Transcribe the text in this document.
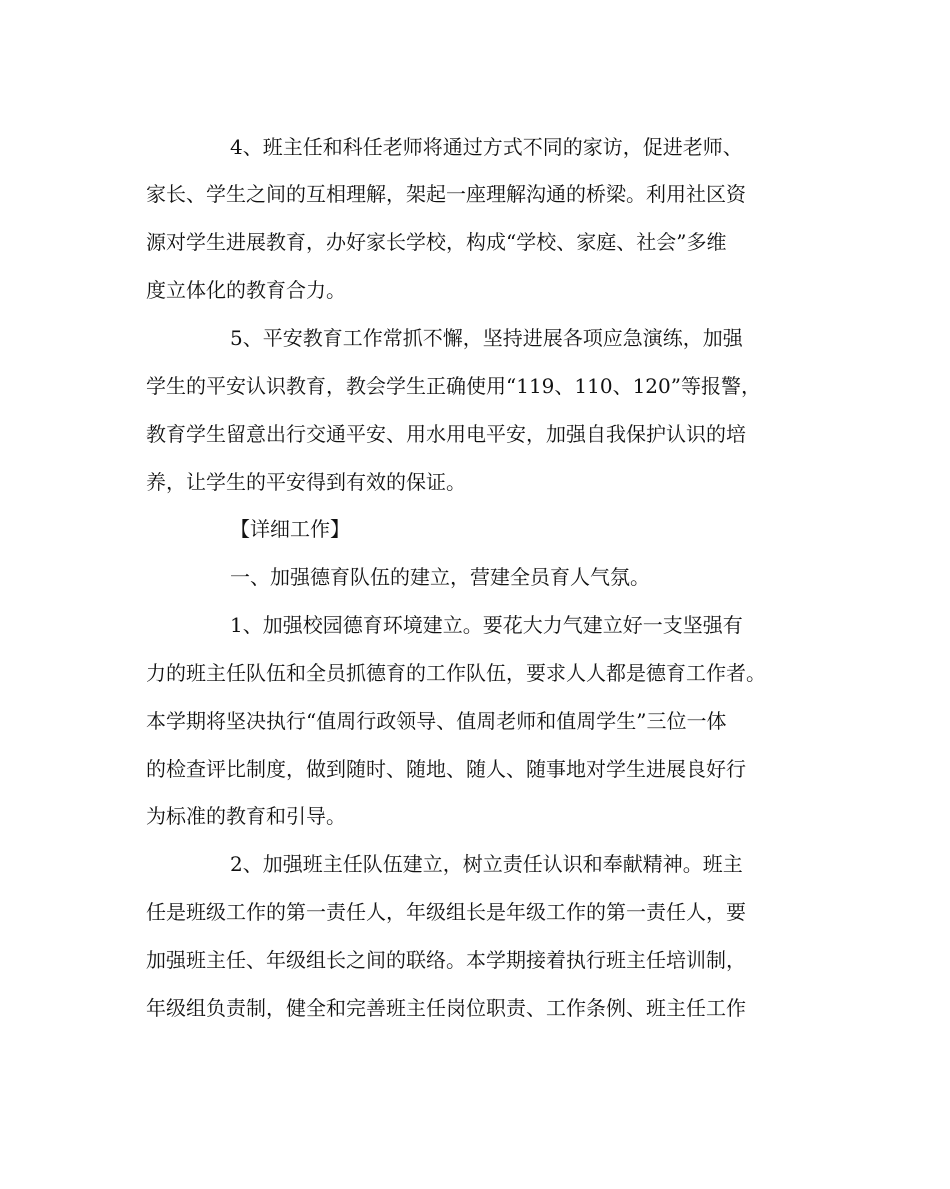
4、班主任和科任老师将通过方式不同的家访，促进老师、
家长、学生之间的互相理解，架起一座理解沟通的桥梁。利用社区资
源对学生进展教育，办好家长学校，构成“学校、家庭、社会”多维
度立体化的教育合力。
5、平安教育工作常抓不懈，坚持进展各项应急演练，加强
学生的平安认识教育，教会学生正确使用“119、110、120”等报警，
教育学生留意出行交通平安、用水用电平安，加强自我保护认识的培
养，让学生的平安得到有效的保证。
【详细工作】
一、加强德育队伍的建立，营建全员育人气氛。
1、加强校园德育环境建立。要花大力气建立好一支坚强有
力的班主任队伍和全员抓德育的工作队伍，要求人人都是德育工作者。
本学期将坚决执行“值周行政领导、值周老师和值周学生”三位一体
的检查评比制度，做到随时、随地、随人、随事地对学生进展良好行
为标准的教育和引导。
2、加强班主任队伍建立，树立责任认识和奉献精神。班主
任是班级工作的第一责任人，年级组长是年级工作的第一责任人，要
加强班主任、年级组长之间的联络。本学期接着执行班主任培训制，
年级组负责制，健全和完善班主任岗位职责、工作条例、班主任工作
